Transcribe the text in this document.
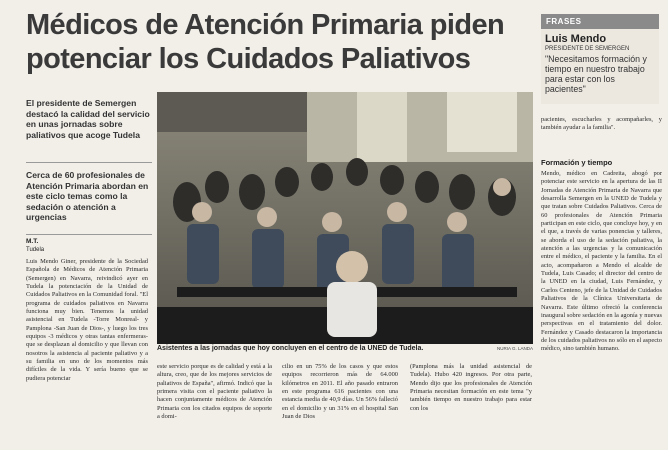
Médicos de Atención Primaria piden potenciar los Cuidados Paliativos
FRASES
Luis Mendo
PRESIDENTE DE SEMERGEN
"Necesitamos formación y tiempo en nuestro trabajo para estar con los pacientes"
El presidente de Semergen destacó la calidad del servicio en unas jornadas sobre paliativos que acoge Tudela
Cerca de 60 profesionales de Atención Primaria abordan en este ciclo temas como la sedación o atención a urgencias
M.T.
Tudela
Luis Mendo Giner, presidente de la Sociedad Española de Médicos de Atención Primaria (Semergen) en Navarra, reivindicó ayer en Tudela la potenciación de la Unidad de Cuidados Paliativos en la Comunidad foral. "El programa de cuidados paliativos en Navarra funciona muy bien. Tenemos la unidad asistencial en Tudela -Torre Monreal- y Pamplona -San Juan de Dios-, y luego los tres equipos -3 médicos y otras tantas enfermeras- que se desplazan al domicilio y que llevan con nosotros la asistencia al paciente paliativo y a su familia en uno de los momentos más difíciles de la vida. Y sería bueno que se pudiera potenciar
Asistentes a las jornadas que hoy concluyen en el centro de la UNED de Tudela.	NURIA G. LANDA
este servicio porque es de calidad y está a la altura, creo, que de los mejores servicios de paliativos de España", afirmó. Indicó que la primera visita con el paciente paliativo la hacen conjuntamente médicos de Atención Primaria con los citados equipos de soporte a domi-
cilio en un 75% de los casos y que estos equipos recorrieron más de 64.000 kilómetros en 2011. El año pasado entraron en este programa 616 pacientes con una estancia media de 40,9 días. Un 56% falleció en el domicilio y un 31% en el hospital San Juan de Dios
(Pamplona más la unidad asistencial de Tudela). Hubo 420 ingresos. Por otra parte, Mendo dijo que los profesionales de Atención Primaria necesitan formación en este tema "y también tiempo en nuestro trabajo para estar con los
pacientes, escucharles y acompañarles, y también ayudar a la familia".
Formación y tiempo
Mendo, médico en Cadreita, abogó por potenciar este servicio en la apertura de las II Jornadas de Atención Primaria de Navarra que desarrolla Semergen en la UNED de Tudela y que tratan sobre Cuidados Paliativos. Cerca de 60 profesionales de Atención Primaria participan en este ciclo, que concluye hoy, y en el que, a través de varias ponencias y talleres, se aborda el uso de la sedación paliativa, la atención a las urgencias y la comunicación entre el médico, el paciente y la familia. En el acto, acompañaron a Mendo el alcalde de Tudela, Luis Casado; el director del centro de la UNED en la ciudad, Luis Fernández, y Carlos Centeno, jefe de la Unidad de Cuidados Paliativos de la Clínica Universitaria de Navarra. Este último ofreció la conferencia inaugural sobre sedación en la agonía y nuevas perspectivas en el tratamiento del dolor. Fernández y Casado destacaron la importancia de los cuidados paliativos no sólo en el aspecto médico, sino también humano.
